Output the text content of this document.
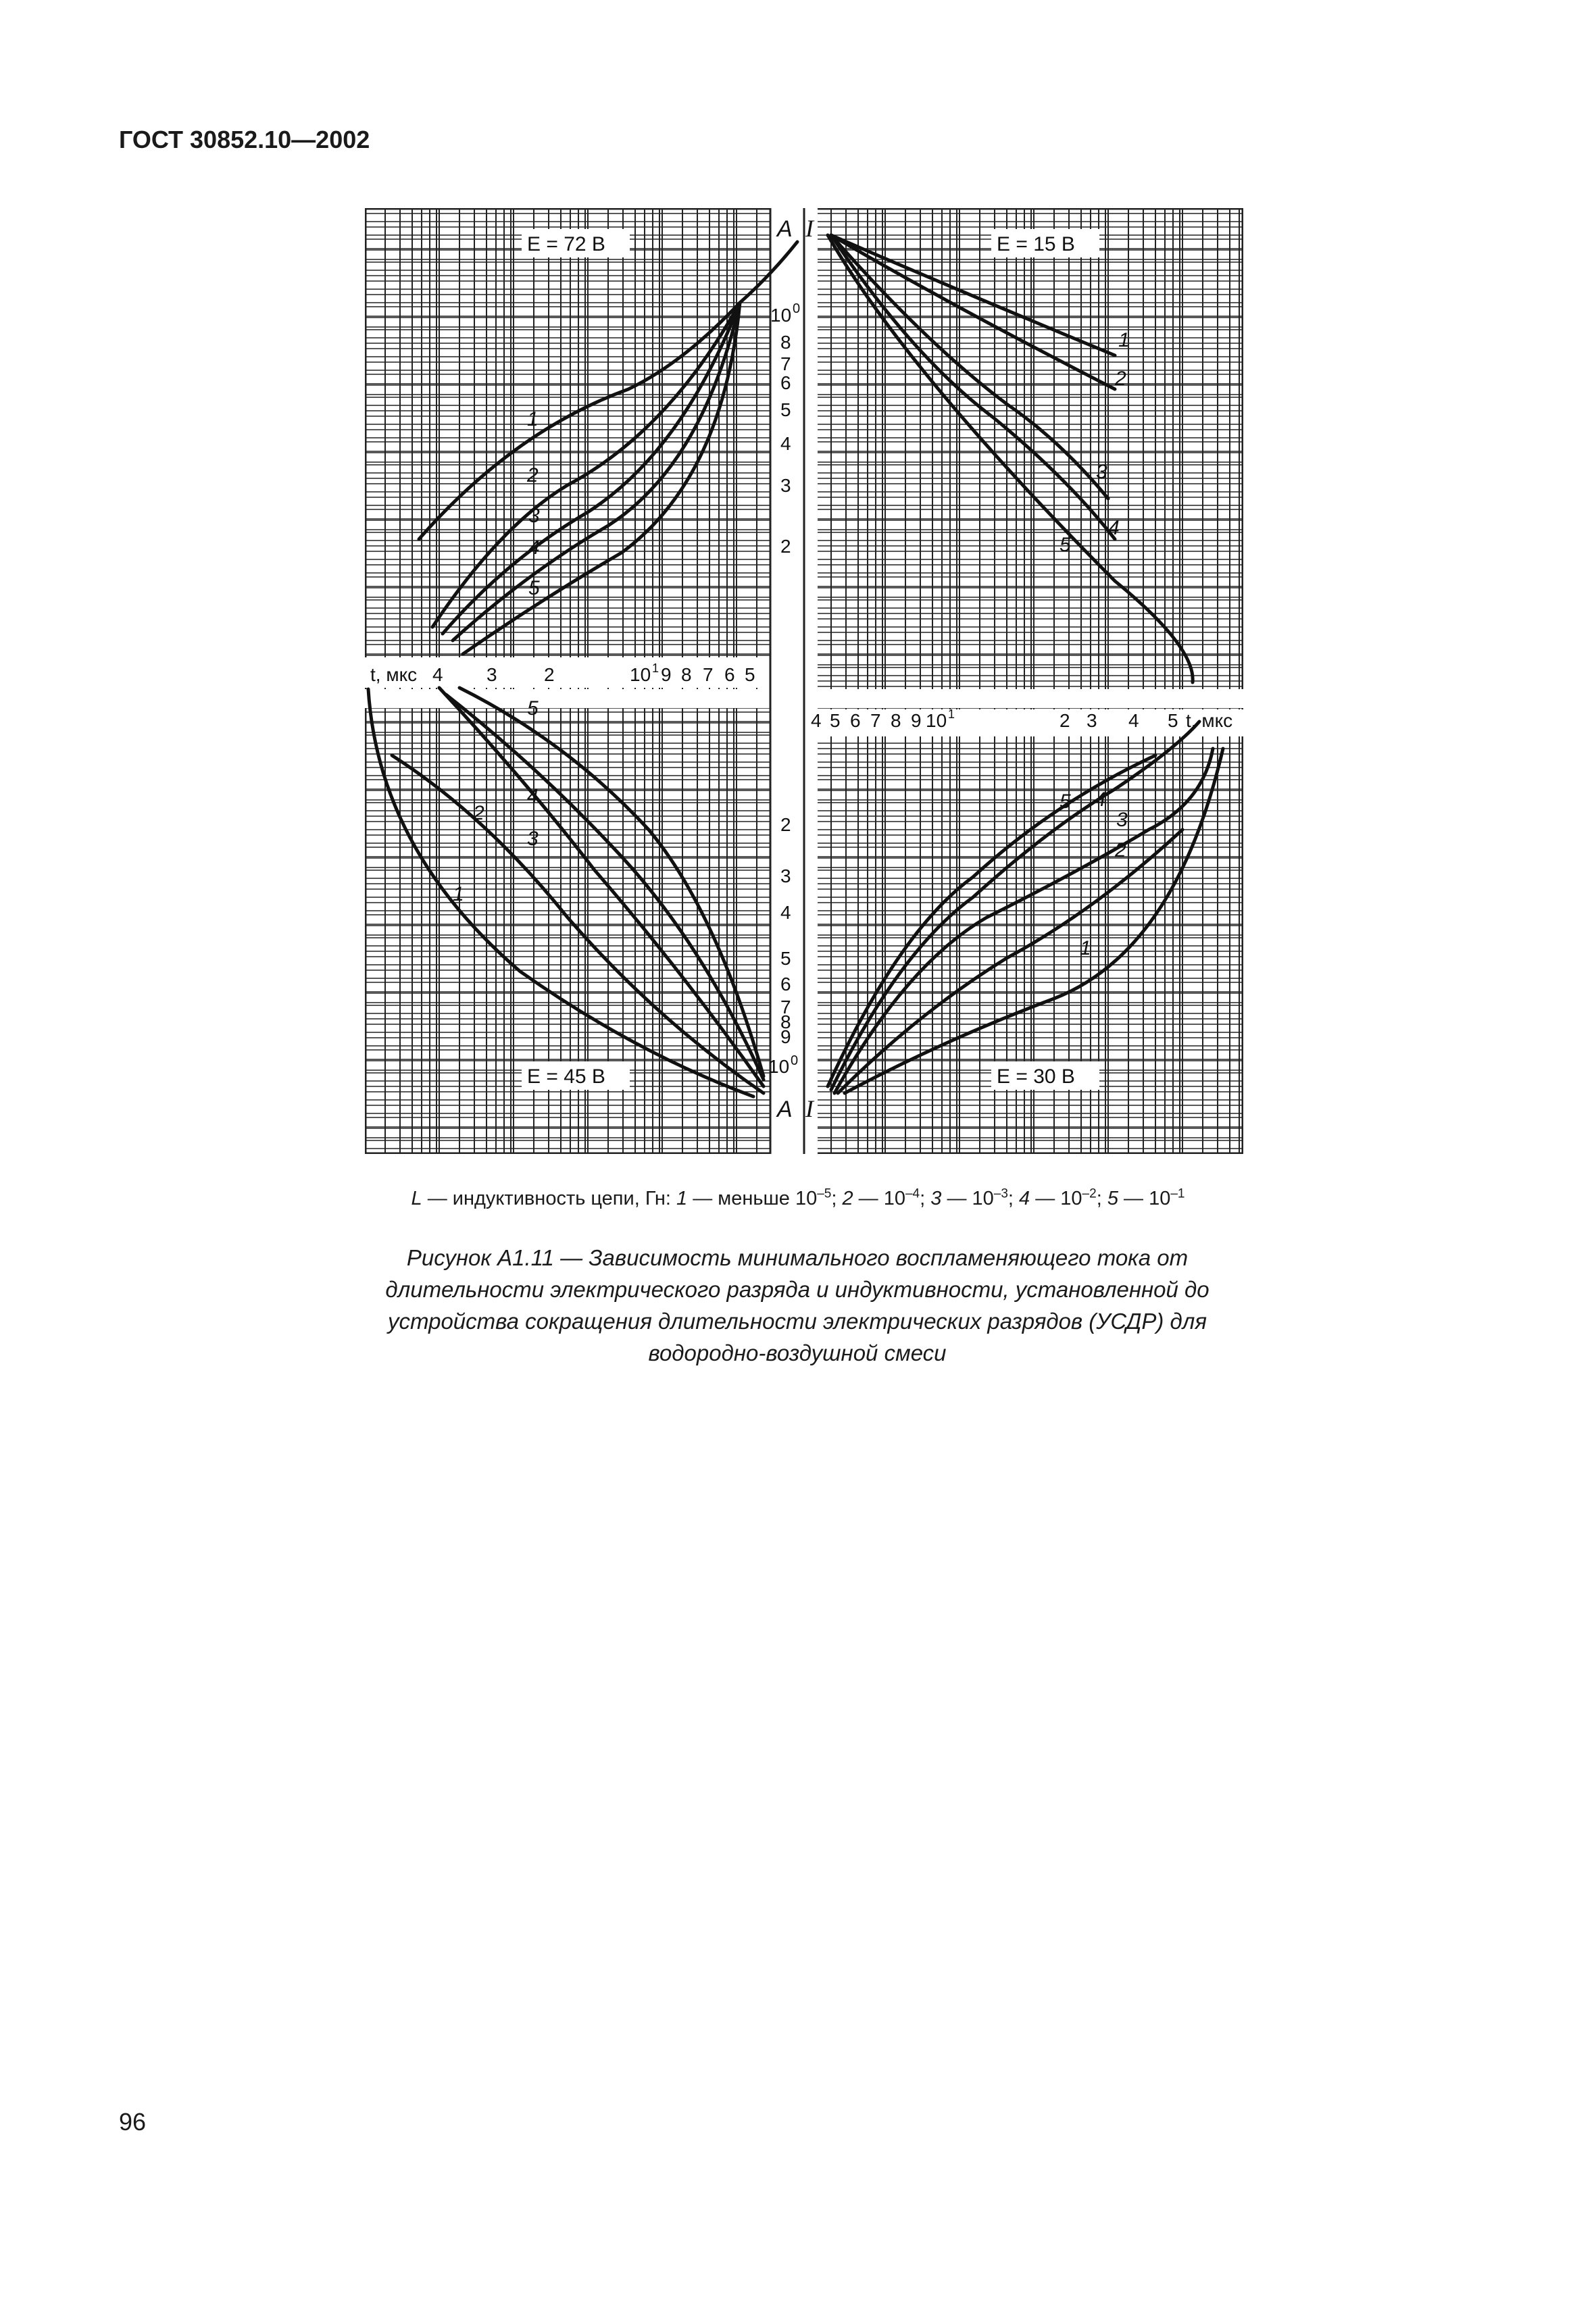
ГОСТ 30852.10—2002
E = 72 В	E = 15 В
E = 45 В	E = 30 В
A I
A I
10 0
8
7
6
5
4
3
2
2
3
4
5
6
7
8
9
10 0
t, мкс 4 3 2	10 1 9 8 7 6 5
4 5 6 7 8 9 10 1	2 3 4 5 t, мкс
1
2
3
4
5
1
2
3
4
5
1
2
3
4
5
1
2
3
4
5
L — индуктивность цепи, Гн: 1 — меньше $10^{-5}$; 2 — $10^{-4}$; 3 — $10^{-3}$; 4 — $10^{-2}$; 5 — $10^{-1}$
Рисунок А1.11 — Зависимость минимального воспламеняющего тока от
длительности электрического разряда и индуктивности, установленной до
устройства сокращения длительности электрических разрядов (УСДР) для
водородно-воздушной смеси
96
